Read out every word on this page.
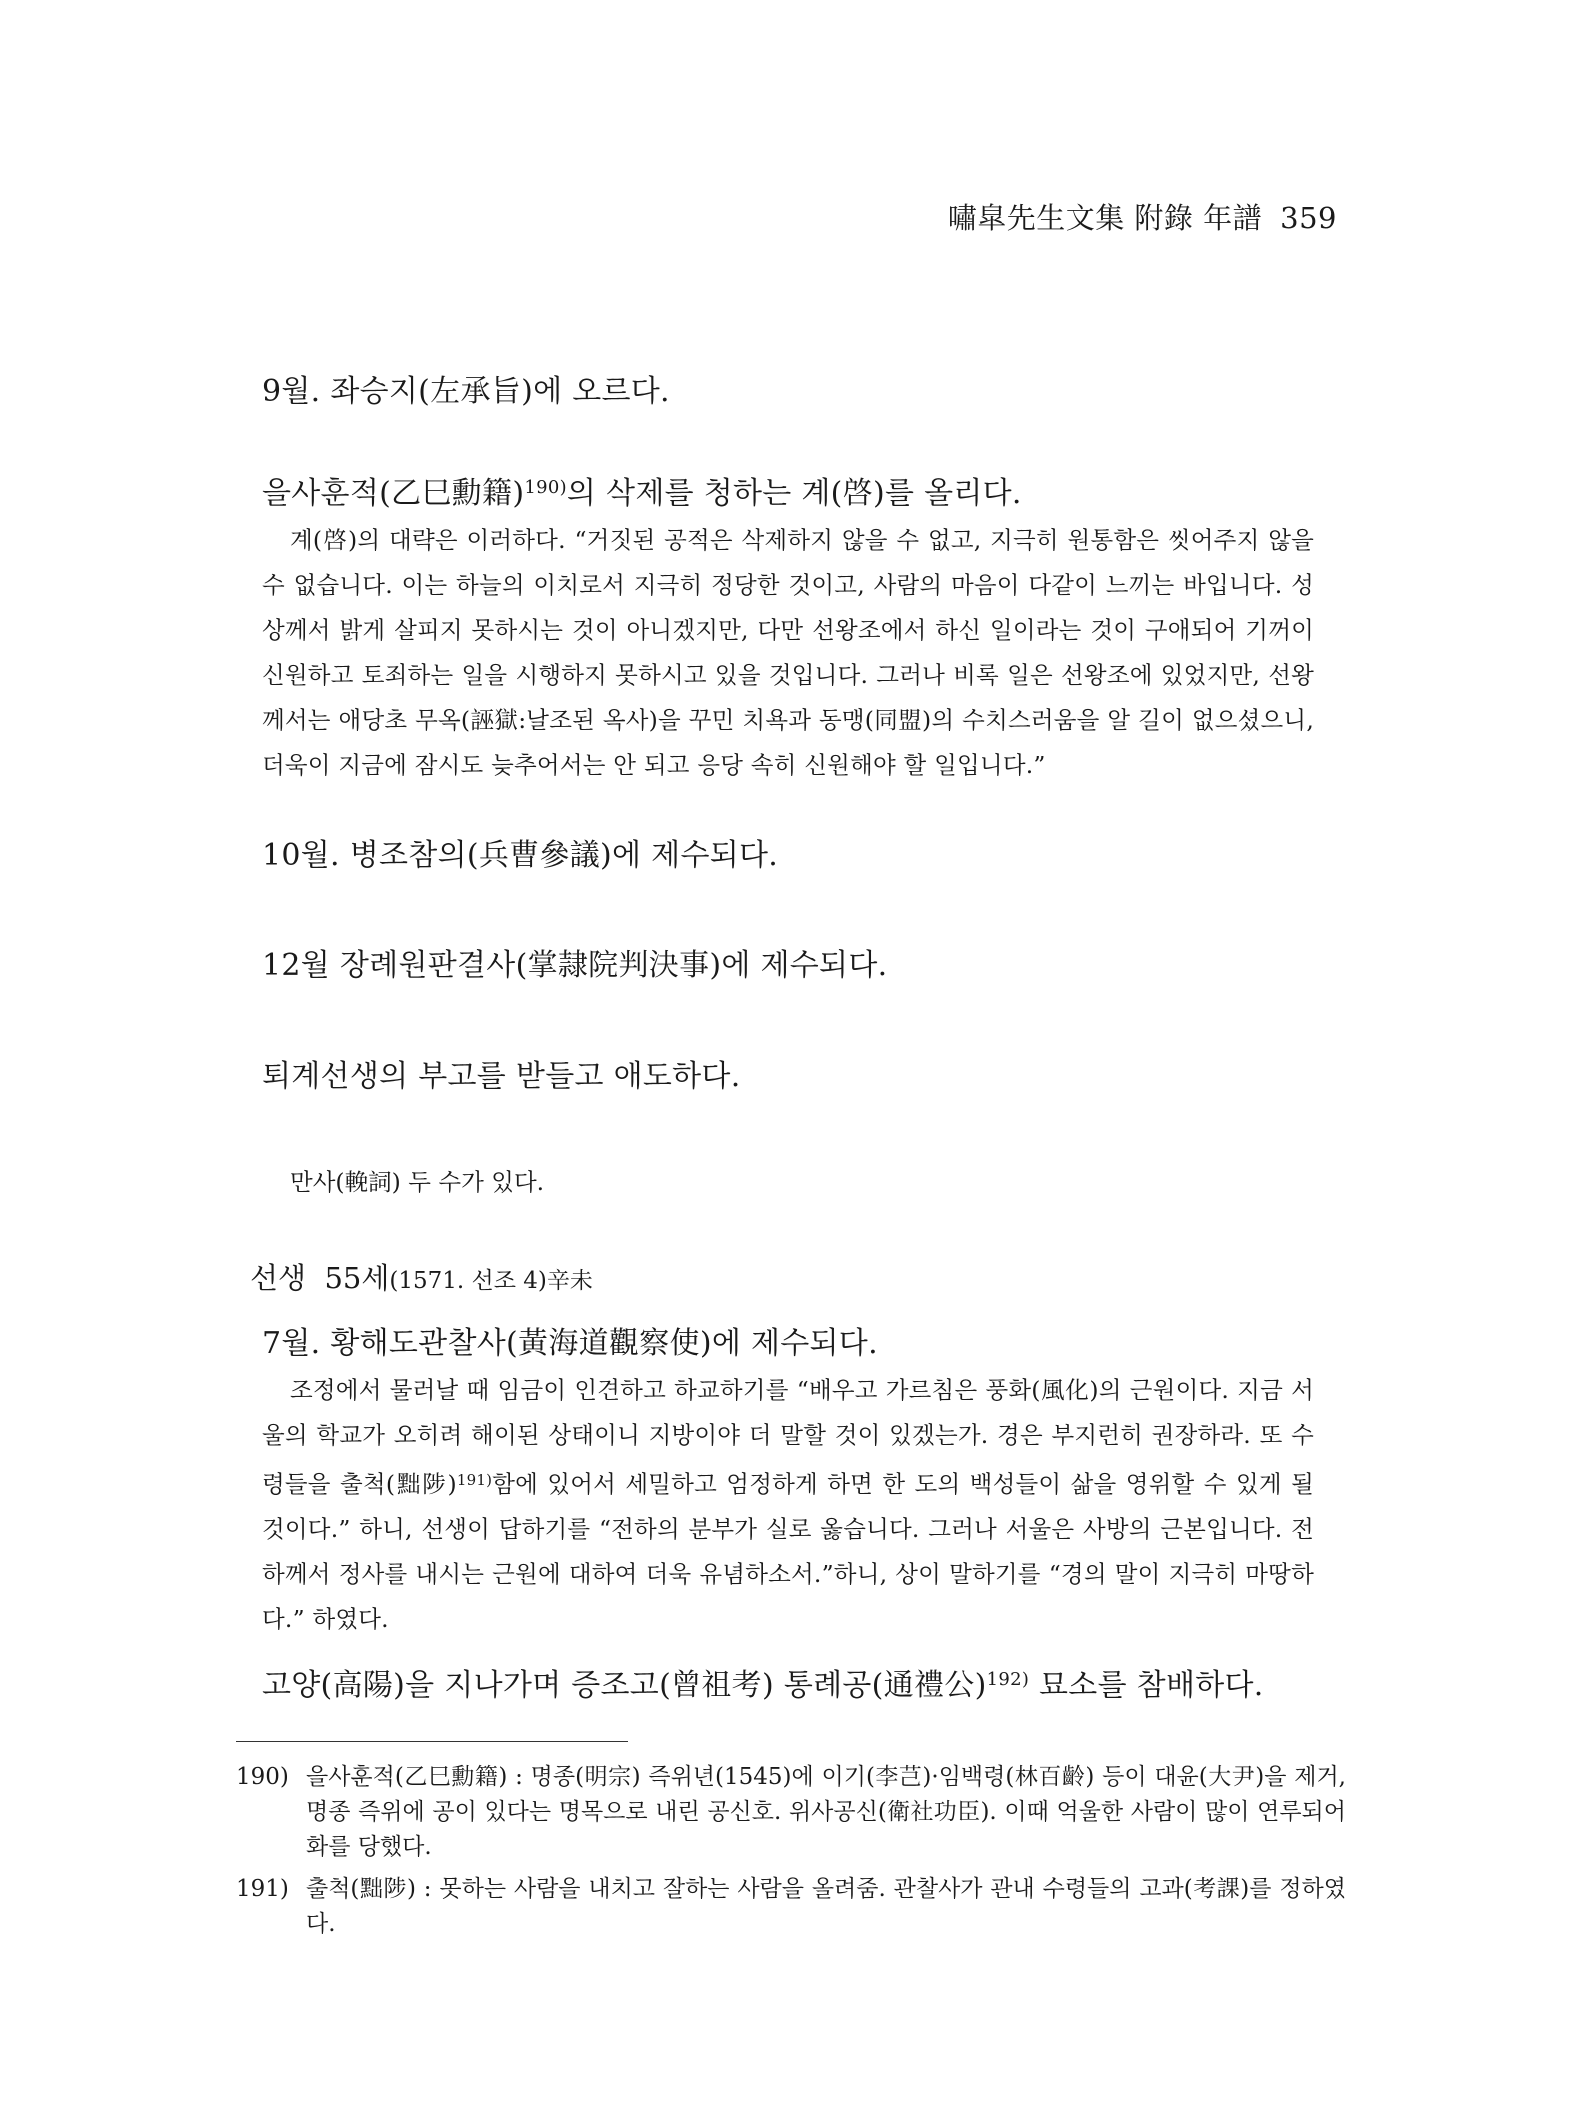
嘯皐先生文集 附錄 年譜 359
9월. 좌승지(左承旨)에 오르다.
을사훈적(乙巳勳籍)$^{190)}$의 삭제를 청하는 계(啓)를 올리다.
계(啓)의 대략은 이러하다. “거짓된 공적은 삭제하지 않을 수 없고, 지극히 원통함은 씻어주지 않을 수 없습니다. 이는 하늘의 이치로서 지극히 정당한 것이고, 사람의 마음이 다같이 느끼는 바입니다. 성상께서 밝게 살피지 못하시는 것이 아니겠지만, 다만 선왕조에서 하신 일이라는 것이 구애되어 기꺼이 신원하고 토죄하는 일을 시행하지 못하시고 있을 것입니다. 그러나 비록 일은 선왕조에 있었지만, 선왕께서는 애당초 무옥(誣獄:날조된 옥사)을 꾸민 치욕과 동맹(同盟)의 수치스러움을 알 길이 없으셨으니, 더욱이 지금에 잠시도 늦추어서는 안 되고 응당 속히 신원해야 할 일입니다.”
10월. 병조참의(兵曹參議)에 제수되다.
12월 장례원판결사(掌隷院判決事)에 제수되다.
퇴계선생의 부고를 받들고 애도하다.
만사(輓詞) 두 수가 있다.
선생  55세(1571. 선조 4)辛未
7월. 황해도관찰사(黃海道觀察使)에 제수되다.
조정에서 물러날 때 임금이 인견하고 하교하기를 “배우고 가르침은 풍화(風化)의 근원이다. 지금 서울의 학교가 오히려 해이된 상태이니 지방이야 더 말할 것이 있겠는가. 경은 부지런히 권장하라. 또 수령들을 출척(黜陟)$^{191)}$함에 있어서 세밀하고 엄정하게 하면 한 도의 백성들이 삶을 영위할 수 있게 될 것이다.” 하니, 선생이 답하기를 “전하의 분부가 실로 옳습니다. 그러나 서울은 사방의 근본입니다. 전하께서 정사를 내시는 근원에 대하여 더욱 유념하소서.”하니, 상이 말하기를 “경의 말이 지극히 마땅하다.” 하였다.
고양(高陽)을 지나가며 증조고(曾祖考) 통례공(通禮公)$^{192)}$ 묘소를 참배하다.
190) 을사훈적(乙巳勳籍) : 명종(明宗) 즉위년(1545)에 이기(李芑)·임백령(林百齡) 등이 대윤(大尹)을 제거, 명종 즉위에 공이 있다는 명목으로 내린 공신호. 위사공신(衛社功臣). 이때 억울한 사람이 많이 연루되어 화를 당했다.
191) 출척(黜陟) : 못하는 사람을 내치고 잘하는 사람을 올려줌. 관찰사가 관내 수령들의 고과(考課)를 정하였다.
